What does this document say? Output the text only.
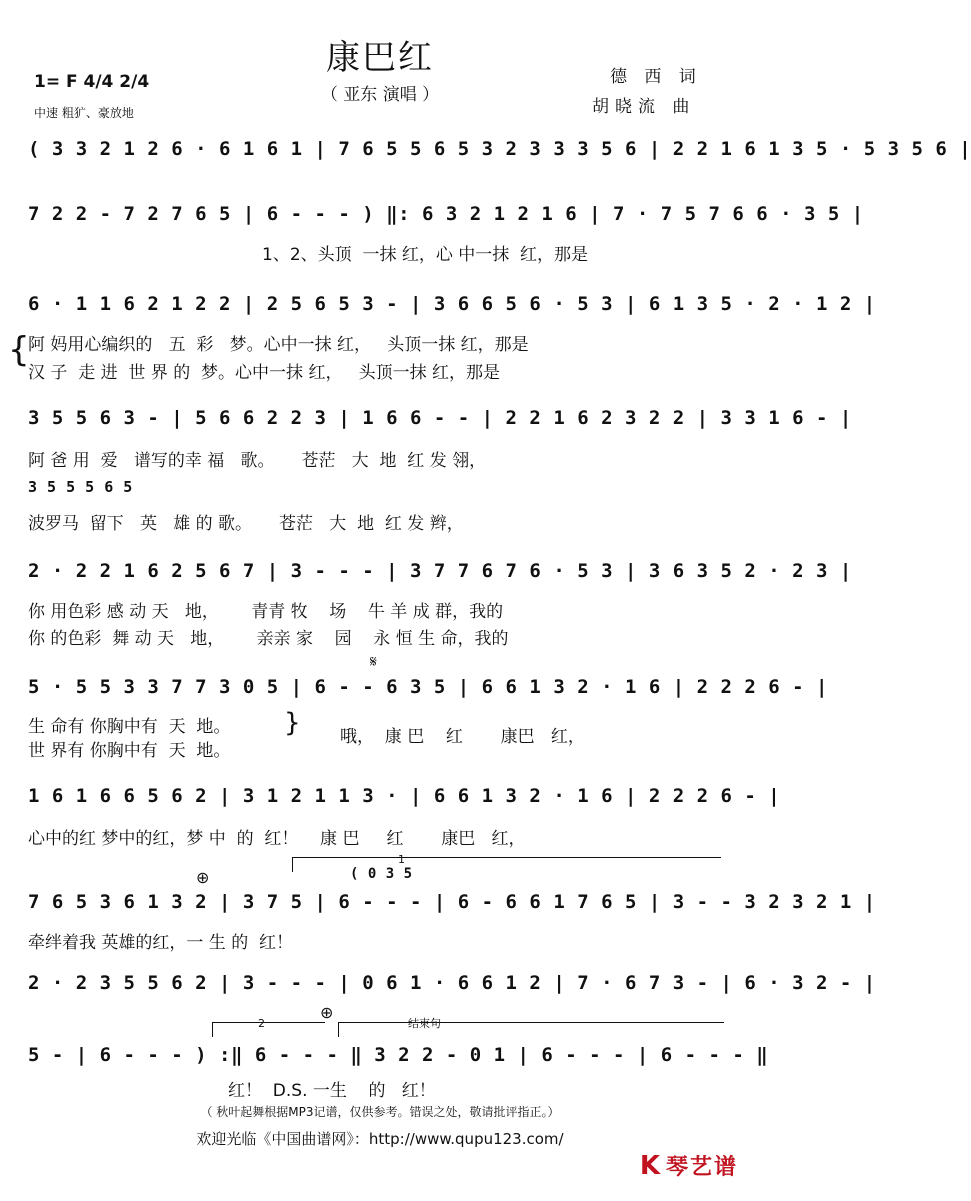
康巴红
（ 亚东 演唱 ）
德 西 词
胡晓流 曲
1= F 4/4 2/4
中速 粗犷、豪放地
( 3 3 2 1 2 6 · 6 1 6 1 | 7 6 5 5 6 5 3 2 3 3 3 5 6 | 2 2 1 6 1 3 5 · 5 3 5 6 |
7 2 2 - 7 2 7 6 5 | 6 - - - ) ‖: 6 3 2 1 2 1 6 | 7 · 7 5 7 6 6 · 3 5 |
1、2、头顶  一抹 红，心 中一抹  红，那是
6 · 1 1 6 2 1 2 2 | 2 5 6 5 3 - | 3 6 6 5 6 · 5 3 | 6 1 3 5 · 2 · 1 2 |
{
阿 妈用心编织的   五  彩   梦。心中一抹 红，   头顶一抹 红，那是
汉 子  走 进  世 界 的  梦。心中一抹 红，   头顶一抹 红，那是
3 5 5 6 3 - | 5 6 6 2 2 3 | 1 6 6 - - | 2 2 1 6 2 3 2 2 | 3 3 1 6 - |
阿 爸 用  爱   谱写的幸 福   歌。     苍茫   大  地  红 发 翎，
3 5 5 5 6 5
波罗马  留下   英   雄 的 歌。     苍茫   大  地  红 发 辫，
2 · 2 2 1 6 2 5 6 7 | 3 - - - | 3 7 7 6 7 6 · 5 3 | 3 6 3 5 2 · 2 3 |
你 用色彩 感 动 天   地，      青青 牧    场    牛 羊 成 群，我的
你 的色彩  舞 动 天   地，      亲亲 家    园    永 恒 生 命，我的
𝄋
5 · 5 5 3 3 7 7 3 0 5 | 6 - - 6 3 5 | 6 6 1 3 2 · 1 6 | 2 2 2 6 - |
生 命有 你胸中有  天  地。
世 界有 你胸中有  天  地。
} 哦，  康 巴    红       康巴   红，
1 6 1 6 6 5 6 2 | 3 1 2 1 1 3 · | 6 6 1 3 2 · 1 6 | 2 2 2 6 - |
心中的红 梦中的红，梦 中  的  红！    康 巴     红       康巴   红，
1
⊕	( 0 3 5
7 6 5 3 6 1 3 2 | 3 7 5 | 6 - - - | 6 - 6 6 1 7 6 5 | 3 - - 3 2 3 2 1 |
牵绊着我 英雄的红，一 生 的  红！
2 · 2 3 5 5 6 2 | 3 - - - | 0 6 1 · 6 6 1 2 | 7 · 6 7 3 - | 6 · 3 2 - |
⊕
2	结束句
5 - | 6 - - - ) :‖ 6 - - - ‖ 3 2 2 - 0 1 | 6 - - - | 6 - - - ‖
红！  D.S. 一生    的   红！
（ 秋叶起舞根据MP3记谱，仅供参考。错误之处，敬请批评指正。）
欢迎光临《中国曲谱网》：http://www.qupu123.com/
K 琴艺谱
